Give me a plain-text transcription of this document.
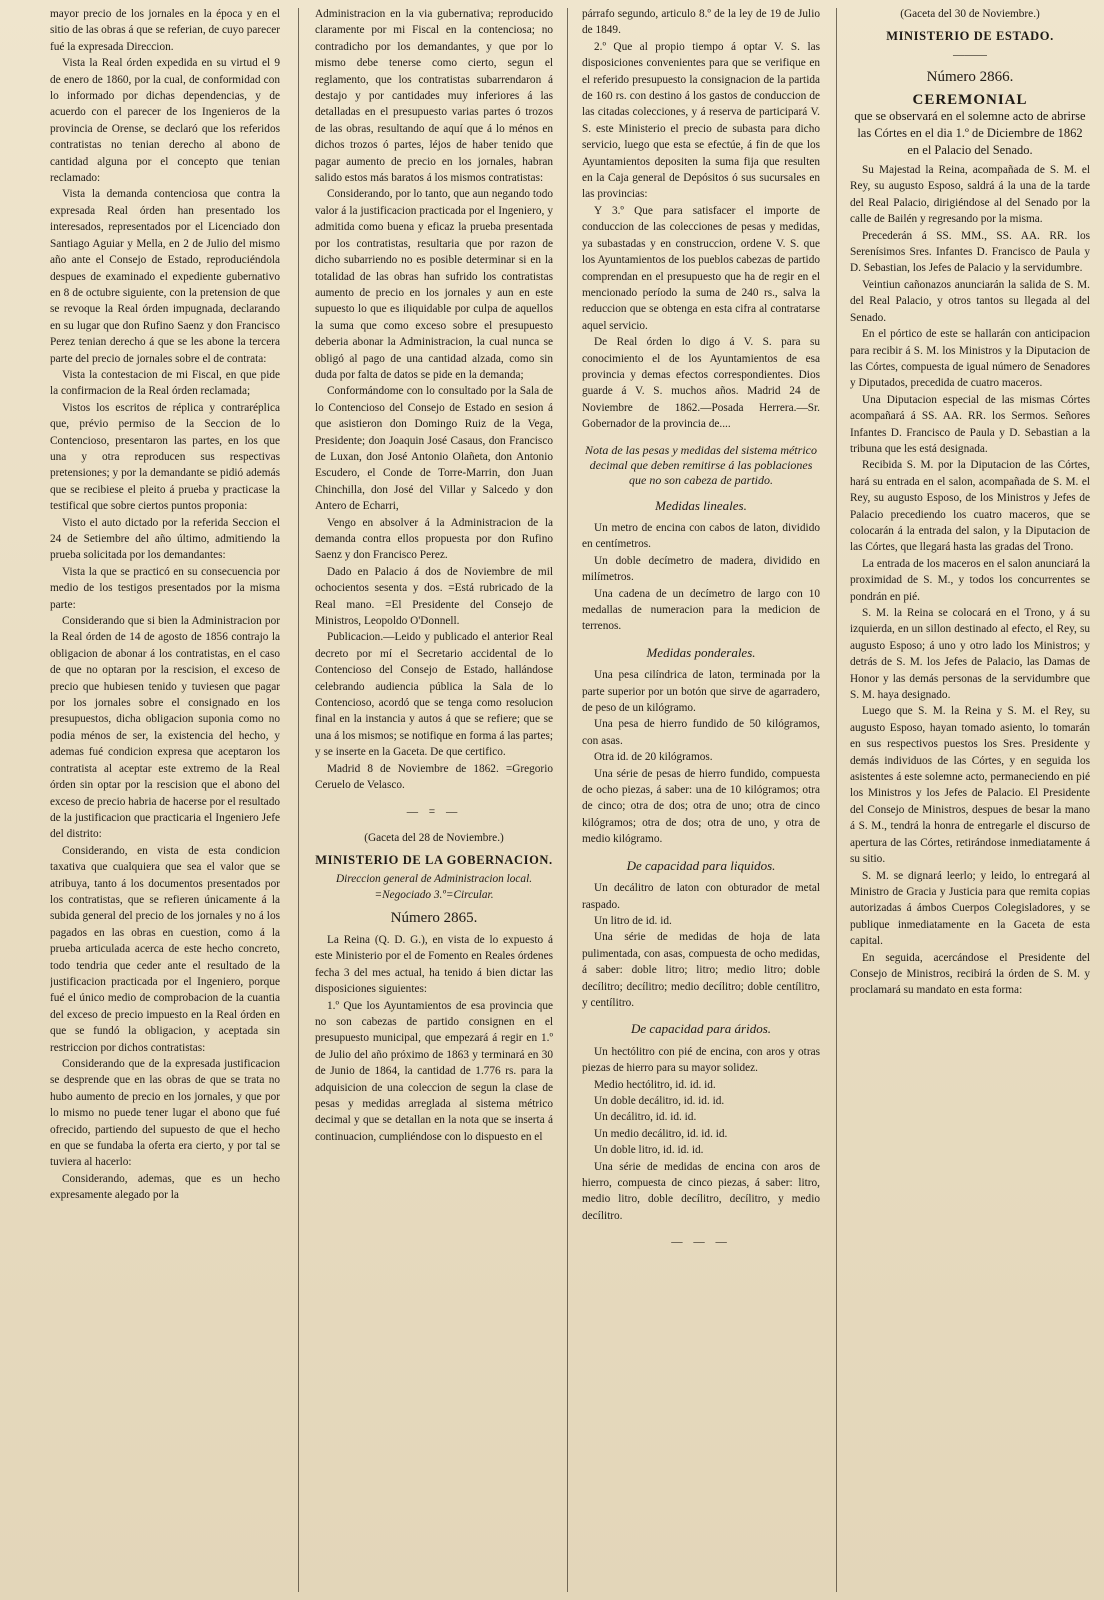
mayor precio de los jornales en la época y en el sitio de las obras á que se referian, de cuyo parecer fué la expresada Direccion.

Vista la Real órden expedida en su virtud el 9 de enero de 1860, por la cual, de conformidad con lo informado por dichas dependencias, y de acuerdo con el parecer de los Ingenieros de la provincia de Orense, se declaró que los referidos contratistas no tenian derecho al abono de cantidad alguna por el concepto que tenian reclamado:

Vista la demanda contenciosa que contra la expresada Real órden han presentado los interesados, representados por el Licenciado don Santiago Aguiar y Mella, en 2 de Julio del mismo año ante el Consejo de Estado, reproduciéndola despues de examinado el expediente gubernativo en 8 de octubre siguiente, con la pretension de que se revoque la Real órden impugnada, declarando en su lugar que don Rufino Saenz y don Francisco Perez tenian derecho á que se les abone la tercera parte del precio de jornales sobre el de contrata:

Vista la contestacion de mi Fiscal, en que pide la confirmacion de la Real órden reclamada;

Vistos los escritos de réplica y contraréplica que, prévio permiso de la Seccion de lo Contencioso, presentaron las partes, en los que una y otra reproducen sus respectivas pretensiones; y por la demandante se pidió además que se recibiese el pleito á prueba y practicase la testifical que sobre ciertos puntos proponia:

Visto el auto dictado por la referida Seccion el 24 de Setiembre del año último, admitiendo la prueba solicitada por los demandantes:

Vista la que se practicó en su consecuencia por medio de los testigos presentados por la misma parte:

Considerando que si bien la Administracion por la Real órden de 14 de agosto de 1856 contrajo la obligacion de abonar á los contratistas, en el caso de que no optaran por la rescision, el exceso de precio que hubiesen tenido y tuviesen que pagar por los jornales sobre el consignado en los presupuestos, dicha obligacion suponia como no podia ménos de ser, la existencia del hecho, y ademas fué condicion expresa que aceptaron los contratista al aceptar este extremo de la Real órden sin optar por la rescision que el abono del exceso de precio habria de hacerse por el resultado de la justificacion que practicaria el Ingeniero Jefe del distrito:

Considerando, en vista de esta condicion taxativa que cualquiera que sea el valor que se atribuya, tanto á los documentos presentados por los contratistas, que se refieren únicamente á la subida general del precio de los jornales y no á los pagados en las obras en cuestion, como á la prueba articulada acerca de este hecho concreto, todo tendria que ceder ante el resultado de la justificacion practicada por el Ingeniero, porque fué el único medio de comprobacion de la cuantia del exceso de precio impuesto en la Real órden en que se fundó la obligacion, y aceptada sin restriccion por dichos contratistas:

Considerando que de la expresada justificacion se desprende que en las obras de que se trata no hubo aumento de precio en los jornales, y que por lo mismo no puede tener lugar el abono que fué ofrecido, partiendo del supuesto de que el hecho en que se fundaba la oferta era cierto, y por tal se tuviera al hacerlo:

Considerando, ademas, que es un hecho expresamente alegado por la

Administracion en la via gubernativa; reproducido claramente por mi Fiscal en la contenciosa; no contradicho por los demandantes, y que por lo mismo debe tenerse como cierto, segun el reglamento, que los contratistas subarrendaron á destajo y por cantidades muy inferiores á las detalladas en el presupuesto varias partes ó trozos de las obras, resultando de aquí que á lo ménos en dichos trozos ó partes, léjos de haber tenido que pagar aumento de precio en los jornales, habran salido estos más baratos á los mismos contratistas:

Considerando, por lo tanto, que aun negando todo valor á la justificacion practicada por el Ingeniero, y admitida como buena y eficaz la prueba presentada por los contratistas, resultaria que por razon de dicho subarriendo no es posible determinar si en la totalidad de las obras han sufrido los contratistas aumento de precio en los jornales y aun en este supuesto lo que es iliquidable por culpa de aquellos la suma que como exceso sobre el presupuesto deberia abonar la Administracion, la cual nunca se obligó al pago de una cantidad alzada, como sin duda por falta de datos se pide en la demanda;

Conformándome con lo consultado por la Sala de lo Contencioso del Consejo de Estado en sesion á que asistieron don Domingo Ruiz de la Vega, Presidente; don Joaquin José Casaus, don Francisco de Luxan, don José Antonio Olañeta, don Antonio Escudero, el Conde de Torre-Marrin, don Juan Chinchilla, don José del Villar y Salcedo y don Antero de Echarri,

Vengo en absolver á la Administracion de la demanda contra ellos propuesta por don Rufino Saenz y don Francisco Perez.

Dado en Palacio á dos de Noviembre de mil ochocientos sesenta y dos. =Está rubricado de la Real mano. =El Presidente del Consejo de Ministros, Leopoldo O'Donnell.

Publicacion.—Leido y publicado el anterior Real decreto por mí el Secretario accidental de lo Contencioso del Consejo de Estado, hallándose celebrando audiencia pública la Sala de lo Contencioso, acordó que se tenga como resolucion final en la instancia y autos á que se refiere; que se una á los mismos; se notifique en forma á las partes; y se inserte en la Gaceta. De que certifico.

Madrid 8 de Noviembre de 1862. =Gregorio Ceruelo de Velasco.

— = —
(Gaceta del 28 de Noviembre.)
MINISTERIO DE LA GOBERNACION.
Direccion general de Administracion local. =Negociado 3.º=Circular.
Número 2865.

La Reina (Q. D. G.), en vista de lo expuesto á este Ministerio por el de Fomento en Reales órdenes fecha 3 del mes actual, ha tenido á bien dictar las disposiciones siguientes:

1.º Que los Ayuntamientos de esa provincia que no son cabezas de partido consignen en el presupuesto municipal, que empezará á regir en 1.º de Julio del año próximo de 1863 y terminará en 30 de Junio de 1864, la cantidad de 1.776 rs. para la adquisicion de una coleccion de segun la clase de pesas y medidas arreglada al sistema métrico decimal y que se detallan en la nota que se inserta á continuacion, cumpliéndose con lo dispuesto en el

párrafo segundo, articulo 8.º de la ley de 19 de Julio de 1849.

2.º Que al propio tiempo á optar V. S. las disposiciones convenientes para que se verifique en el referido presupuesto la consignacion de la partida de 160 rs. con destino á los gastos de conduccion de las citadas colecciones, y á reserva de participará V. S. este Ministerio el precio de subasta para dicho servicio, luego que esta se efectúe, á fin de que los Ayuntamientos depositen la suma fija que resulten en la Caja general de Depósitos ó sus sucursales en las provincias:

Y 3.º Que para satisfacer el importe de conduccion de las colecciones de pesas y medidas, ya subastadas y en construccion, ordene V. S. que los Ayuntamientos de los pueblos cabezas de partido comprendan en el presupuesto que ha de regir en el mencionado período la suma de 240 rs., salva la reduccion que se obtenga en esta cifra al contratarse aquel servicio.

De Real órden lo digo á V. S. para su conocimiento el de los Ayuntamientos de esa provincia y demas efectos correspondientes. Dios guarde á V. S. muchos años. Madrid 24 de Noviembre de 1862.—Posada Herrera.—Sr. Gobernador de la provincia de....

Nota de las pesas y medidas del sistema métrico decimal que deben remitirse á las poblaciones que no son cabeza de partido.
Medidas lineales.

Un metro de encina con cabos de laton, dividido en centímetros.

Un doble decímetro de madera, dividido en milímetros.

Una cadena de un decímetro de largo con 10 medallas de numeracion para la medicion de terrenos.

Medidas ponderales.

Una pesa cilíndrica de laton, terminada por la parte superior por un botón que sirve de agarradero, de peso de un kilógramo.

Una pesa de hierro fundido de 50 kilógramos, con asas.

Otra id. de 20 kilógramos.

Una série de pesas de hierro fundido, compuesta de ocho piezas, á saber: una de 10 kilógramos; otra de cinco; otra de dos; otra de uno; otra de cinco kilógramos; otra de dos; otra de uno, y otra de medio kilógramo.

De capacidad para liquidos.

Un decálitro de laton con obturador de metal raspado.

Un litro de id. id.

Una série de medidas de hoja de lata pulimentada, con asas, compuesta de ocho medidas, á saber: doble litro; litro; medio litro; doble decílitro; decílitro; medio decílitro; doble centílitro, y centílitro.

De capacidad para áridos.

Un hectólitro con pié de encina, con aros y otras piezas de hierro para su mayor solidez.

Medio hectólitro, id. id. id.

Un doble decálitro, id. id. id.

Un decálitro, id. id. id.

Un medio decálitro, id. id. id.

Un doble litro, id. id. id.

Una série de medidas de encina con aros de hierro, compuesta de cinco piezas, á saber: litro, medio litro, doble decílitro, decílitro, y medio decílitro.

— — —
(Gaceta del 30 de Noviembre.)
MINISTERIO DE ESTADO.
———
Número 2866.
CEREMONIAL
que se observará en el solemne acto de abrirse las Córtes en el dia 1.º de Diciembre de 1862 en el Palacio del Senado.

Su Majestad la Reina, acompañada de S. M. el Rey, su augusto Esposo, saldrá á la una de la tarde del Real Palacio, dirigiéndose al del Senado por la calle de Bailén y regresando por la misma.

Precederán á SS. MM., SS. AA. RR. los Serenísimos Sres. Infantes D. Francisco de Paula y D. Sebastian, los Jefes de Palacio y la servidumbre.

Veintiun cañonazos anunciarán la salida de S. M. del Real Palacio, y otros tantos su llegada al del Senado.

En el pórtico de este se hallarán con anticipacion para recibir á S. M. los Ministros y la Diputacion de las Córtes, compuesta de igual número de Senadores y Diputados, precedida de cuatro maceros.

Una Diputacion especial de las mismas Córtes acompañará á SS. AA. RR. los Sermos. Señores Infantes D. Francisco de Paula y D. Sebastian a la tribuna que les está designada.

Recibida S. M. por la Diputacion de las Córtes, hará su entrada en el salon, acompañada de S. M. el Rey, su augusto Esposo, de los Ministros y Jefes de Palacio precediendo los cuatro maceros, que se colocarán á la entrada del salon, y la Diputacion de las Córtes, que llegará hasta las gradas del Trono.

La entrada de los maceros en el salon anunciará la proximidad de S. M., y todos los concurrentes se pondrán en pié.

S. M. la Reina se colocará en el Trono, y á su izquierda, en un sillon destinado al efecto, el Rey, su augusto Esposo; á uno y otro lado los Ministros; y detrás de S. M. los Jefes de Palacio, las Damas de Honor y las demás personas de la servidumbre que S. M. haya designado.

Luego que S. M. la Reina y S. M. el Rey, su augusto Esposo, hayan tomado asiento, lo tomarán en sus respectivos puestos los Sres. Presidente y demás individuos de las Córtes, y en seguida los asistentes á este solemne acto, permaneciendo en pié los Ministros y los Jefes de Palacio. El Presidente del Consejo de Ministros, despues de besar la mano á S. M., tendrá la honra de entregarle el discurso de apertura de las Córtes, retirándose inmediatamente á su sitio.

S. M. se dignará leerlo; y leido, lo entregará al Ministro de Gracia y Justicia para que remita copias autorizadas á ámbos Cuerpos Colegisladores, y se publique inmediatamente en la Gaceta de esta capital.

En seguida, acercándose el Presidente del Consejo de Ministros, recibirá la órden de S. M. y proclamará su mandato en esta forma:
